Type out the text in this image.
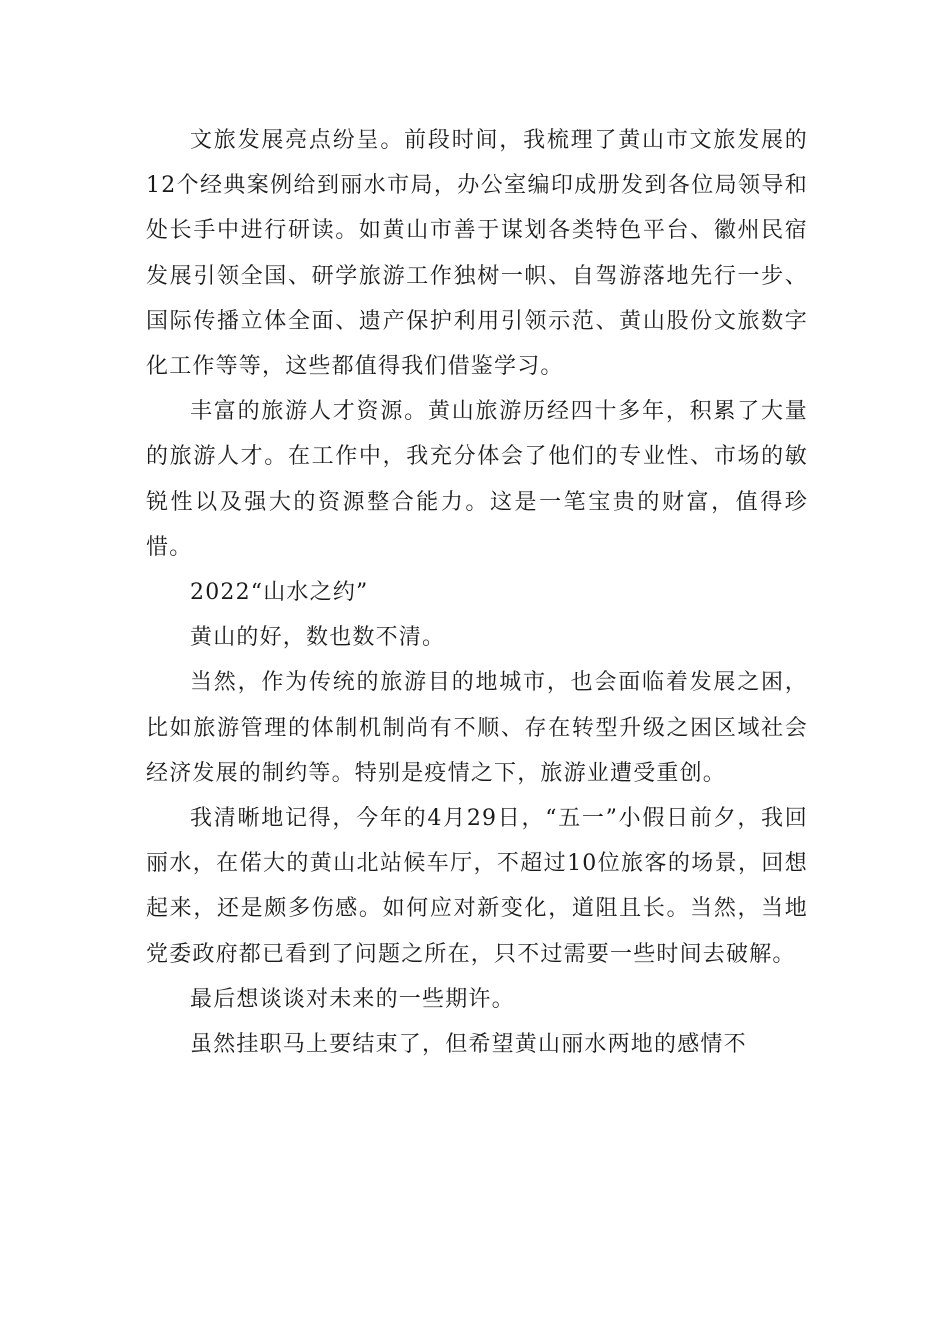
文旅发展亮点纷呈。前段时间，我梳理了黄山市文旅发展的12个经典案例给到丽水市局，办公室编印成册发到各位局领导和处长手中进行研读。如黄山市善于谋划各类特色平台、徽州民宿发展引领全国、研学旅游工作独树一帜、自驾游落地先行一步、国际传播立体全面、遗产保护利用引领示范、黄山股份文旅数字化工作等等，这些都值得我们借鉴学习。

丰富的旅游人才资源。黄山旅游历经四十多年，积累了大量的旅游人才。在工作中，我充分体会了他们的专业性、市场的敏锐性以及强大的资源整合能力。这是一笔宝贵的财富，值得珍惜。

2022“山水之约”

黄山的好，数也数不清。

当然，作为传统的旅游目的地城市，也会面临着发展之困，比如旅游管理的体制机制尚有不顺、存在转型升级之困区域社会经济发展的制约等。特别是疫情之下，旅游业遭受重创。

我清晰地记得，今年的4月29日，“五一”小假日前夕，我回丽水，在偌大的黄山北站候车厅，不超过10位旅客的场景，回想起来，还是颇多伤感。如何应对新变化，道阻且长。当然，当地党委政府都已看到了问题之所在，只不过需要一些时间去破解。

最后想谈谈对未来的一些期许。

虽然挂职马上要结束了，但希望黄山丽水两地的感情不
